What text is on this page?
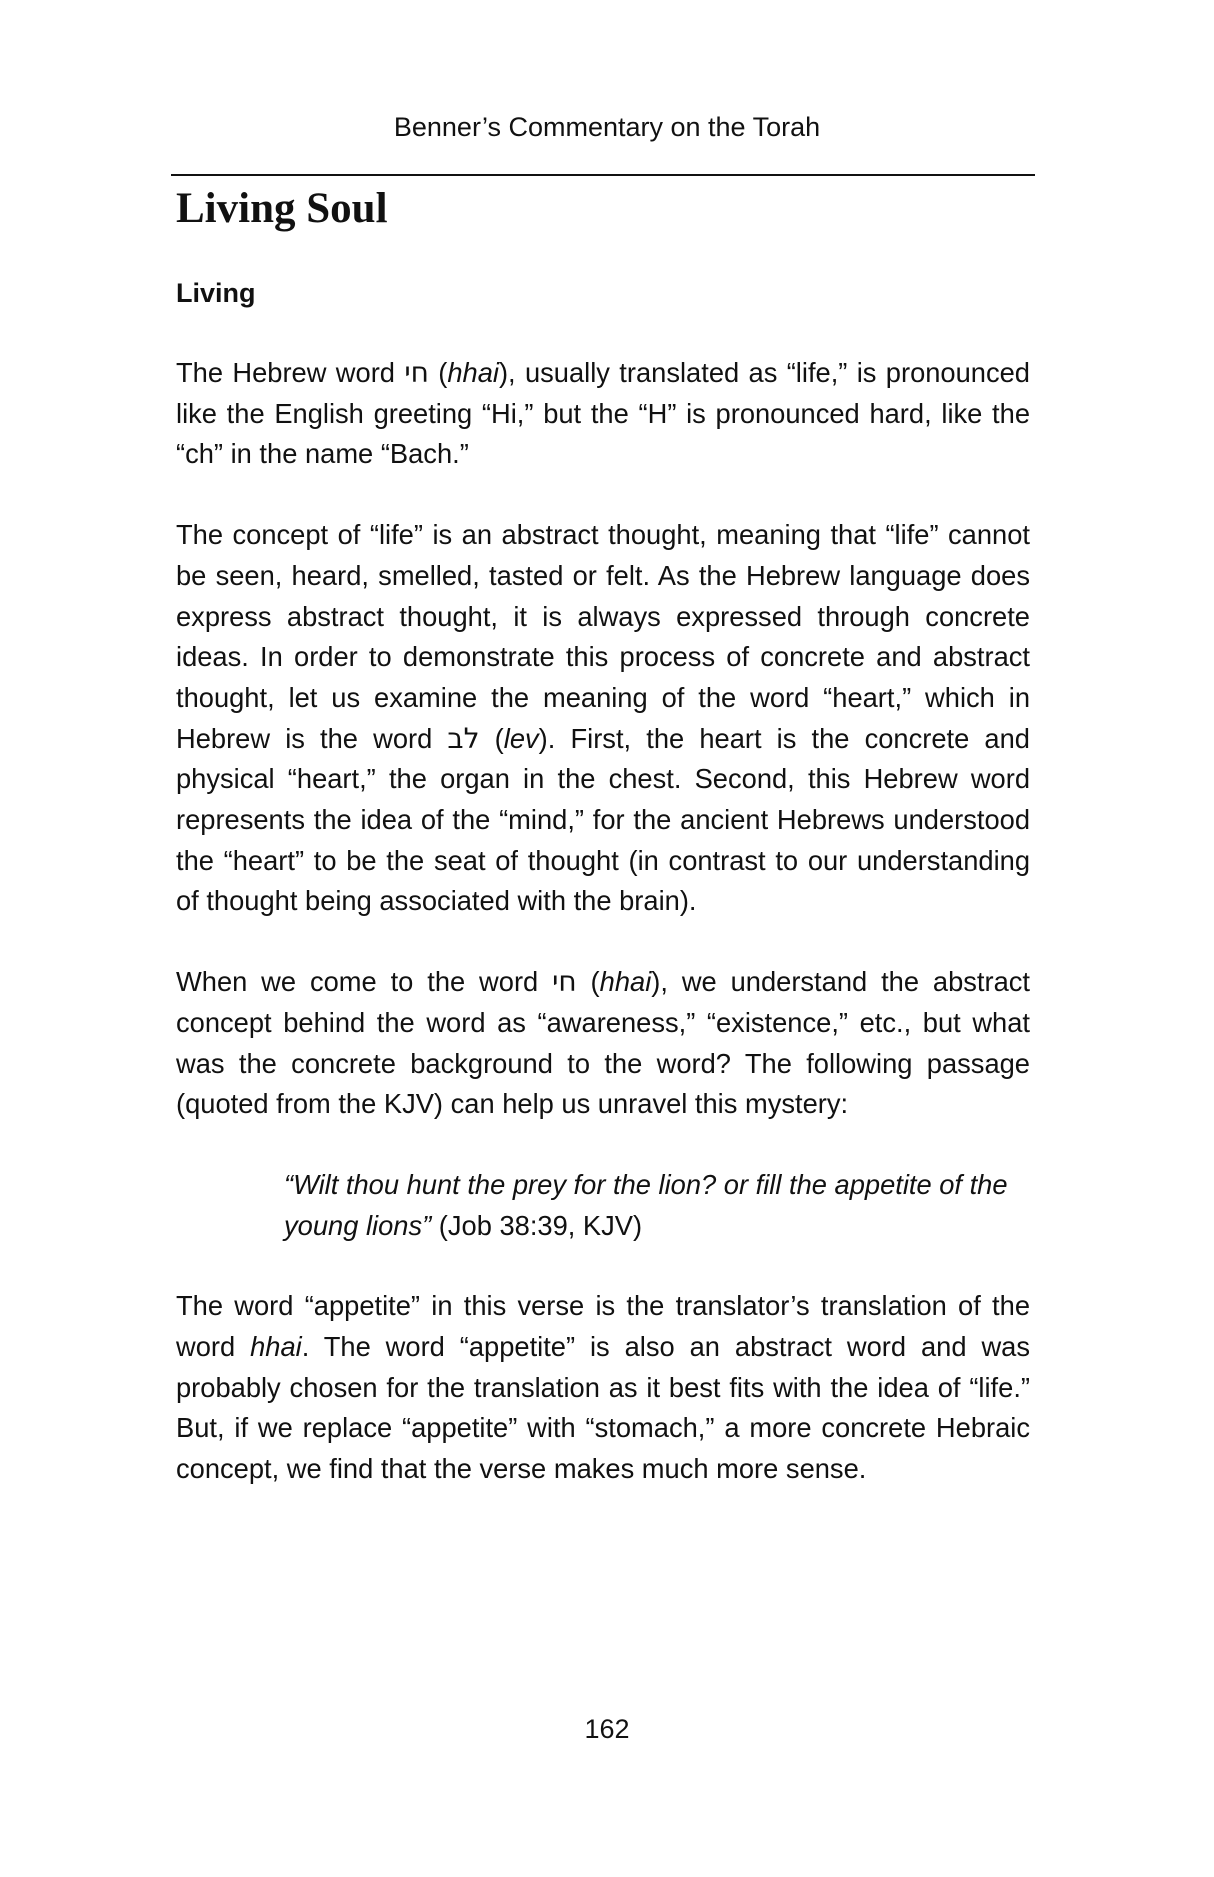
Benner’s Commentary on the Torah
Living Soul
Living

The Hebrew word חי (hhai), usually translated as “life,” is pronounced like the English greeting “Hi,” but the “H” is pronounced hard, like the “ch” in the name “Bach.”

The concept of “life” is an abstract thought, meaning that “life” cannot be seen, heard, smelled, tasted or felt. As the Hebrew language does express abstract thought, it is always expressed through concrete ideas. In order to demonstrate this process of concrete and abstract thought, let us examine the meaning of the word “heart,” which in Hebrew is the word לב (lev). First, the heart is the concrete and physical “heart,” the organ in the chest. Second, this Hebrew word represents the idea of the “mind,” for the ancient Hebrews understood the “heart” to be the seat of thought (in contrast to our understanding of thought being associated with the brain).

When we come to the word חי (hhai), we understand the abstract concept behind the word as “awareness,” “existence,” etc., but what was the concrete background to the word? The following passage (quoted from the KJV) can help us unravel this mystery:

“Wilt thou hunt the prey for the lion? or fill the appetite of the young lions” (Job 38:39, KJV)

The word “appetite” in this verse is the translator’s translation of the word hhai. The word “appetite” is also an abstract word and was probably chosen for the translation as it best fits with the idea of “life.” But, if we replace “appetite” with “stomach,” a more concrete Hebraic concept, we find that the verse makes much more sense.

162
